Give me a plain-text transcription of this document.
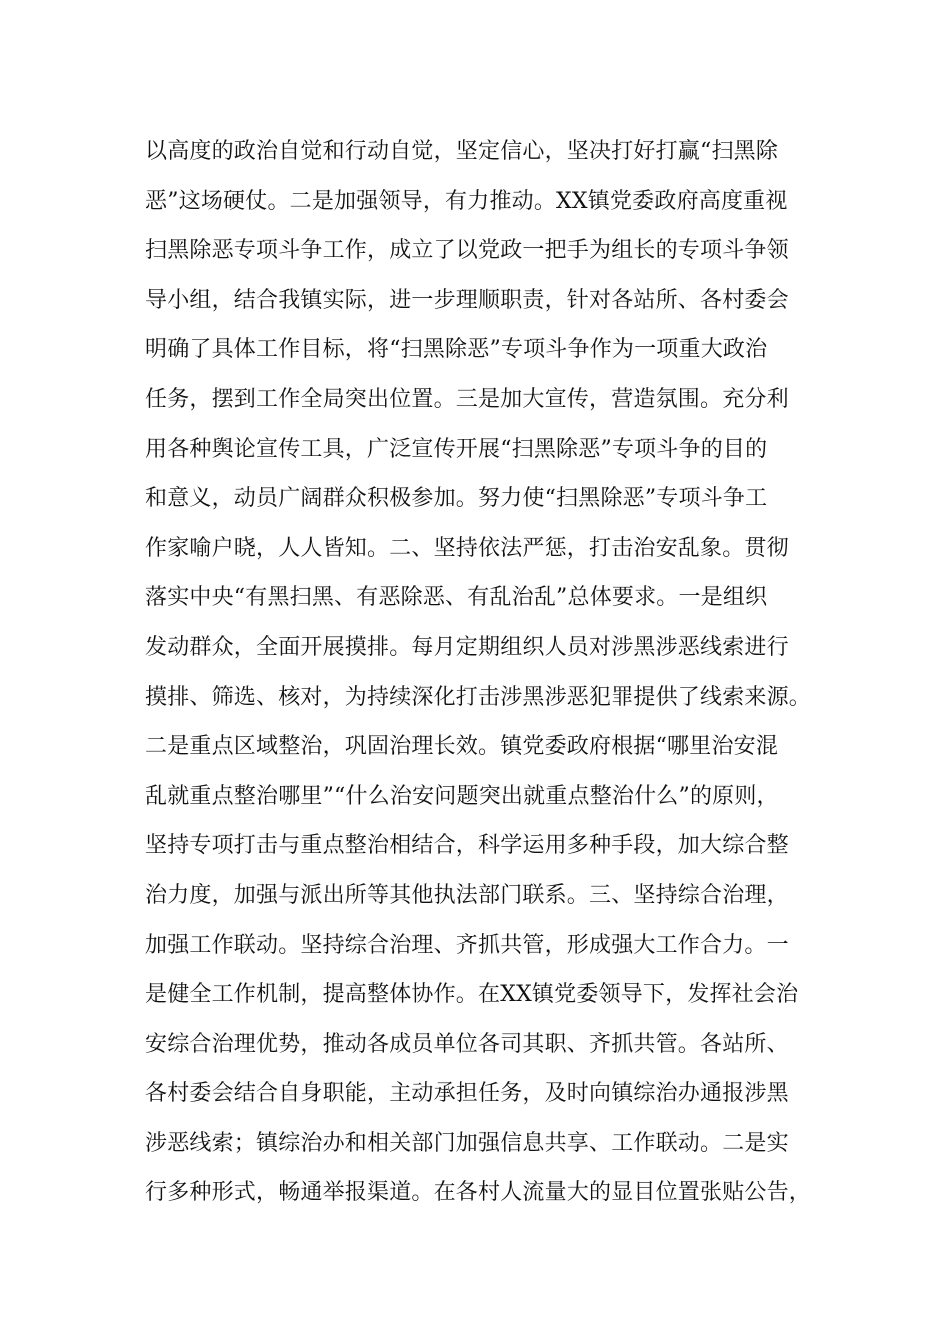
以高度的政治自觉和行动自觉，坚定信心，坚决打好打赢“扫黑除
恶”这场硬仗。二是加强领导，有力推动。XX镇党委政府高度重视
扫黑除恶专项斗争工作，成立了以党政一把手为组长的专项斗争领
导小组，结合我镇实际，进一步理顺职责，针对各站所、各村委会
明确了具体工作目标，将“扫黑除恶”专项斗争作为一项重大政治
任务，摆到工作全局突出位置。三是加大宣传，营造氛围。充分利
用各种舆论宣传工具，广泛宣传开展“扫黑除恶”专项斗争的目的
和意义，动员广阔群众积极参加。努力使“扫黑除恶”专项斗争工
作家喻户晓，人人皆知。二、坚持依法严惩，打击治安乱象。贯彻
落实中央“有黑扫黑、有恶除恶、有乱治乱”总体要求。一是组织
发动群众，全面开展摸排。每月定期组织人员对涉黑涉恶线索进行
摸排、筛选、核对，为持续深化打击涉黑涉恶犯罪提供了线索来源。
二是重点区域整治，巩固治理长效。镇党委政府根据“哪里治安混
乱就重点整治哪里”“什么治安问题突出就重点整治什么”的原则，
坚持专项打击与重点整治相结合，科学运用多种手段，加大综合整
治力度，加强与派出所等其他执法部门联系。三、坚持综合治理，
加强工作联动。坚持综合治理、齐抓共管，形成强大工作合力。一
是健全工作机制，提高整体协作。在XX镇党委领导下，发挥社会治
安综合治理优势，推动各成员单位各司其职、齐抓共管。各站所、
各村委会结合自身职能，主动承担任务，及时向镇综治办通报涉黑
涉恶线索；镇综治办和相关部门加强信息共享、工作联动。二是实
行多种形式，畅通举报渠道。在各村人流量大的显目位置张贴公告，
